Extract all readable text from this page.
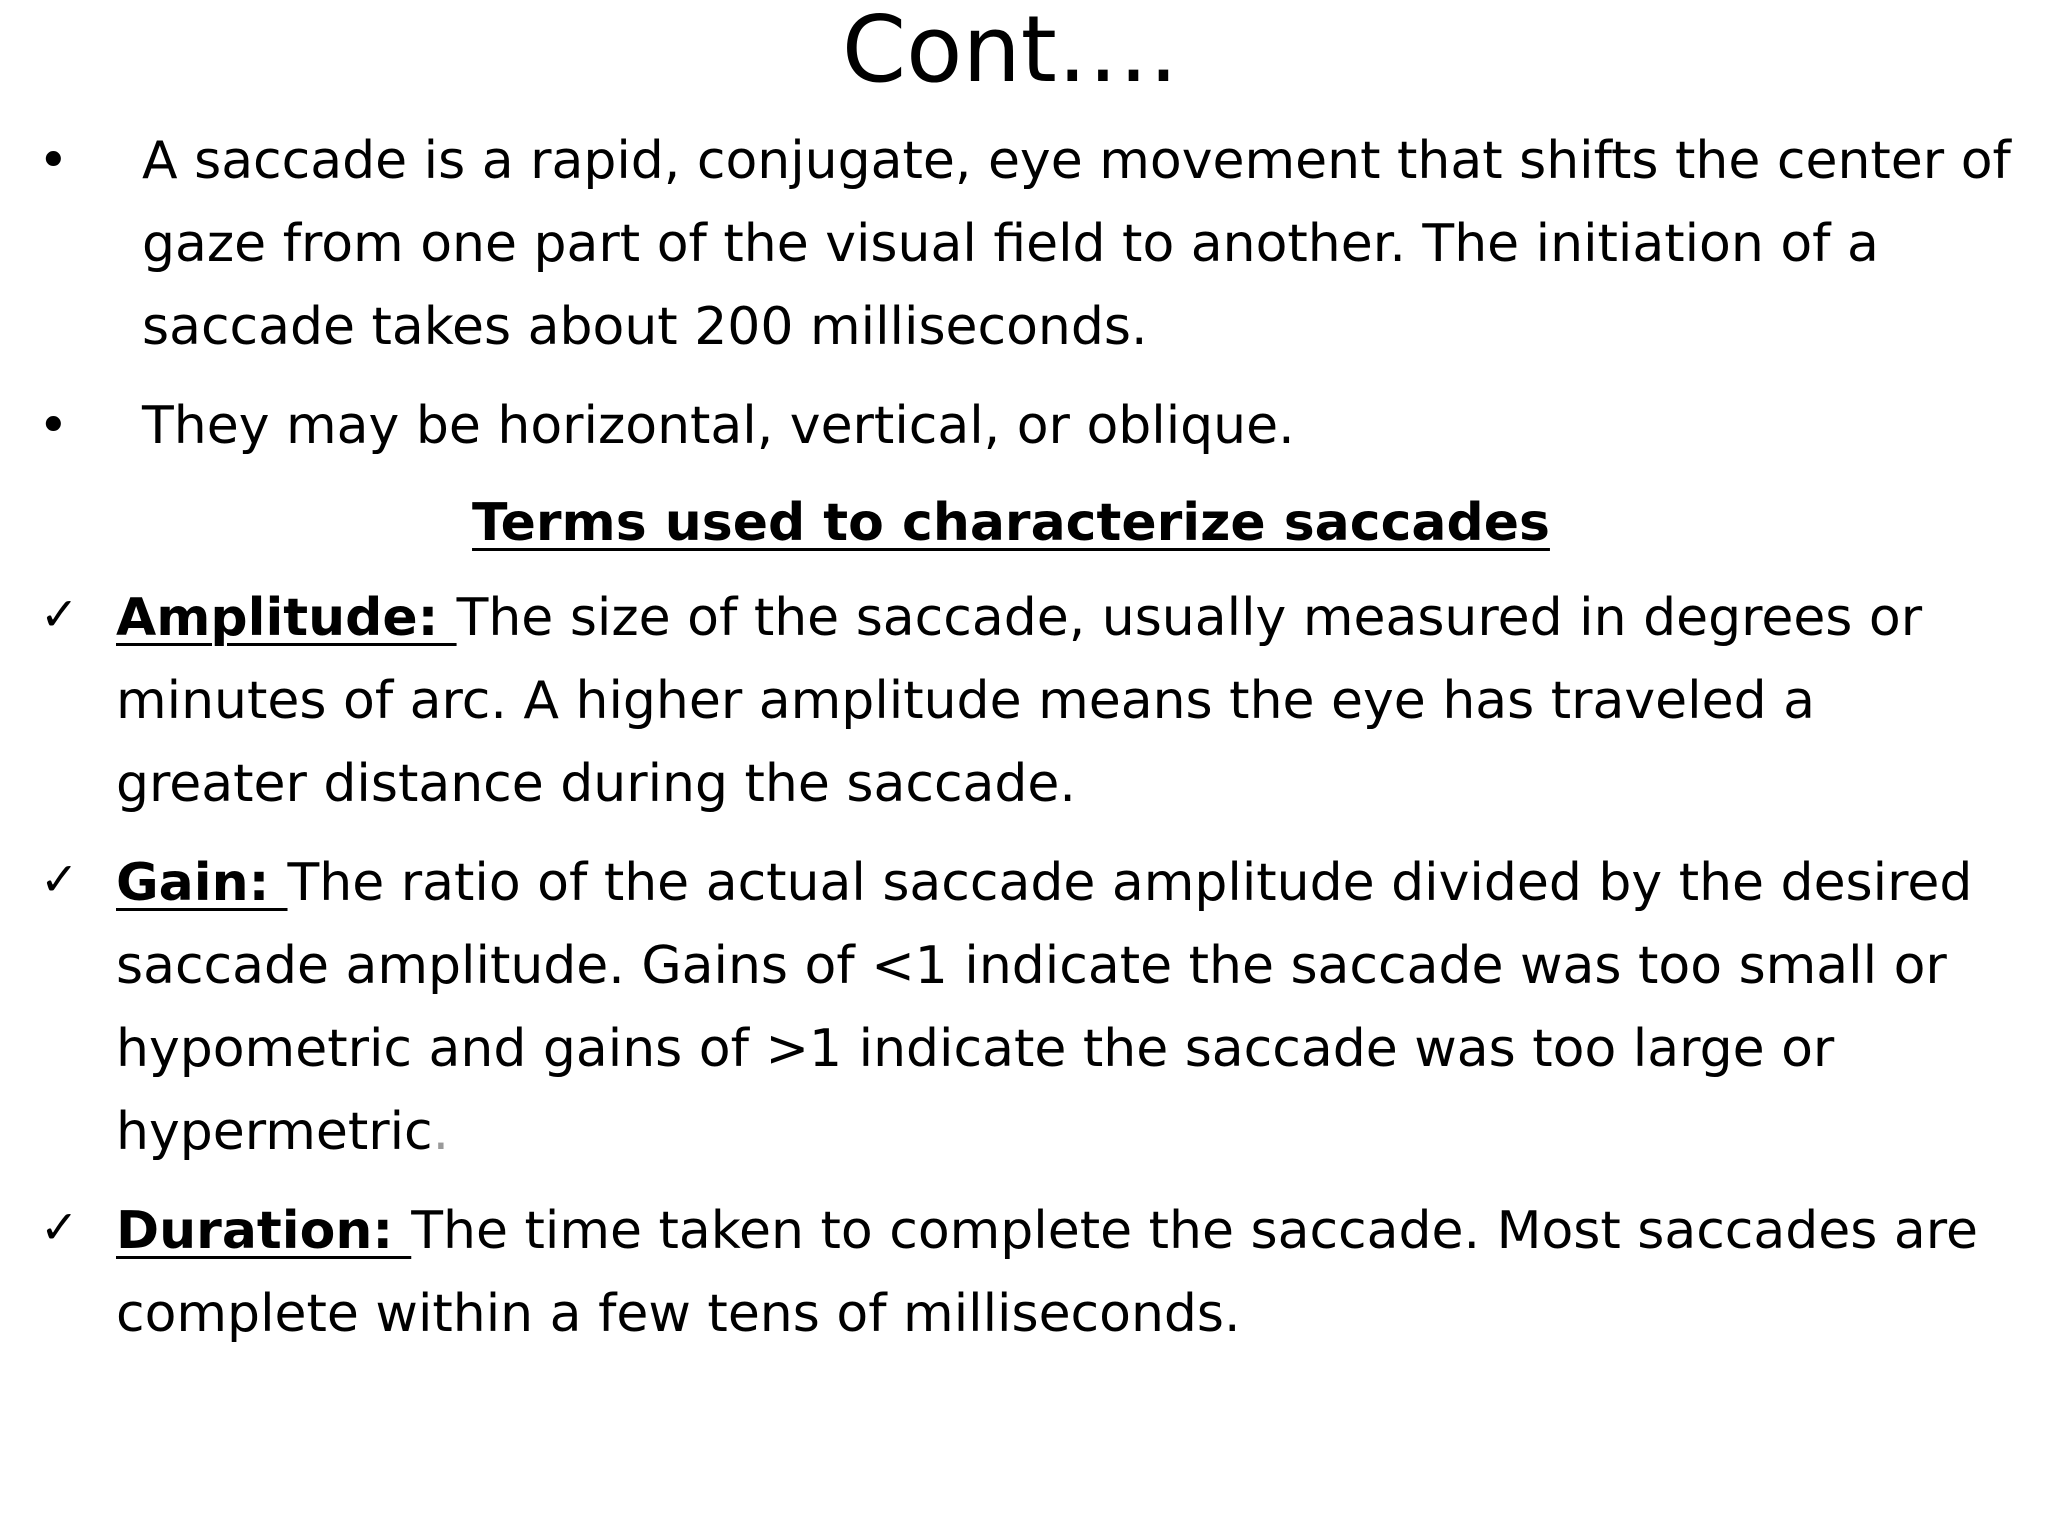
Cont….
•	A saccade is a rapid, conjugate, eye movement that shifts the center of gaze from one part of the visual field to another. The initiation of a saccade takes about 200 milliseconds.
•	They may be horizontal, vertical, or oblique.
Terms used to characterize saccades
✓ Amplitude: The size of the saccade, usually measured in degrees or minutes of arc. A higher amplitude means the eye has traveled a greater distance during the saccade.
✓ Gain: The ratio of the actual saccade amplitude divided by the desired saccade amplitude. Gains of <1 indicate the saccade was too small or hypometric and gains of >1 indicate the saccade was too large or hypermetric.
✓ Duration: The time taken to complete the saccade. Most saccades are complete within a few tens of milliseconds.
